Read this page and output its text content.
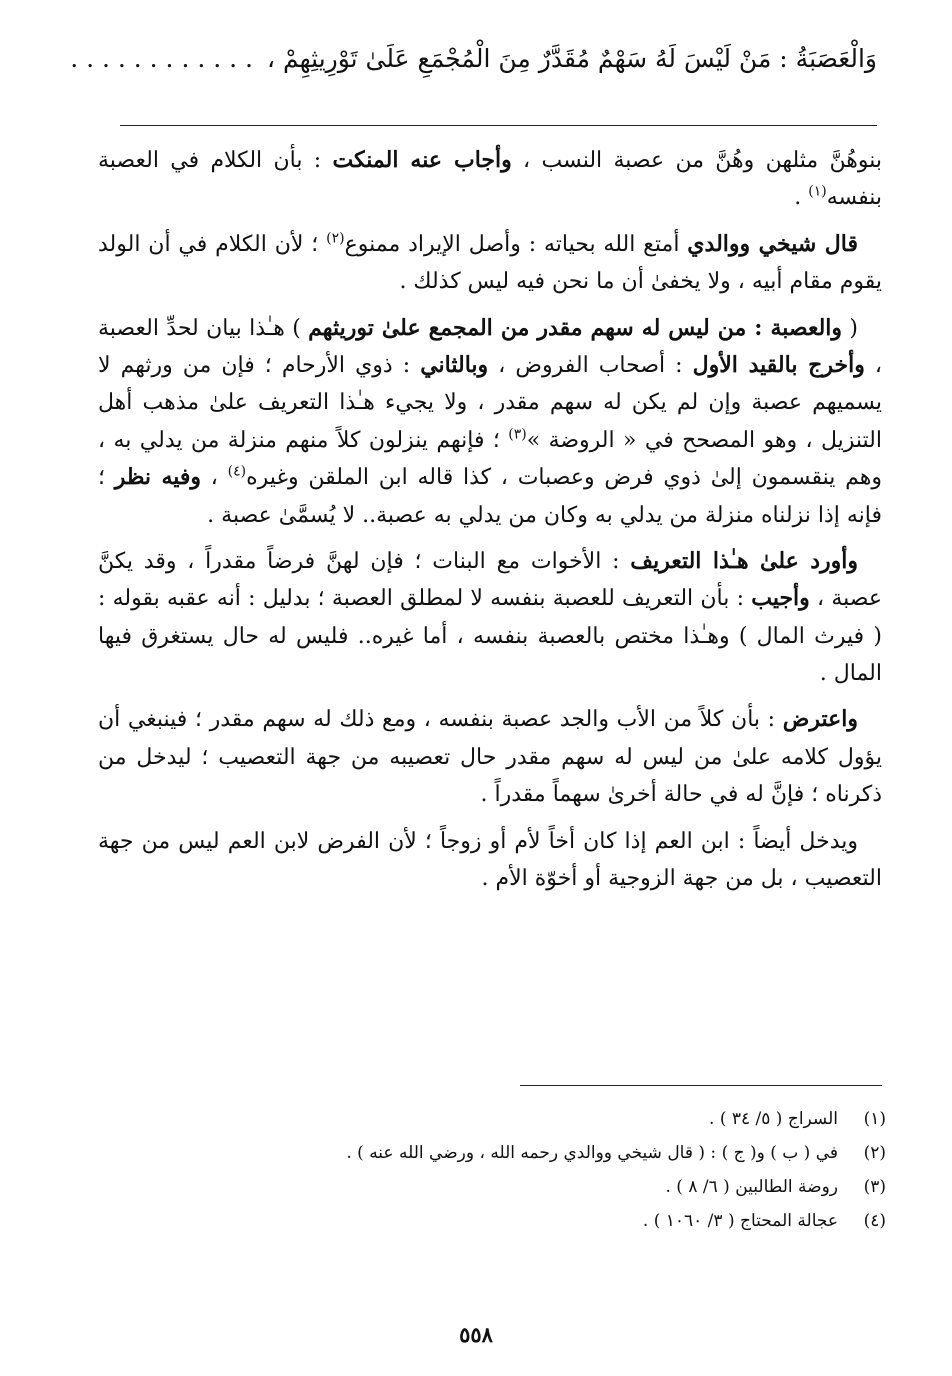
وَالْعَصَبَةُ : مَنْ لَيْسَ لَهُ سَهْمٌ مُقَدَّرٌ مِنَ الْمُجْمَعِ عَلَىٰ تَوْرِيثِهِمْ ،. . . . . . . . . . . .

بنوهُنَّ مثلهن وهُنَّ من عصبة النسب ، وأجاب عنه المنكت : بأن الكلام في العصبة بنفسه$^{(١)}$ .

قال شيخي ووالدي أمتع الله بحياته : وأصل الإيراد ممنوع$^{(٢)}$ ؛ لأن الكلام في أن الولد يقوم مقام أبيه ، ولا يخفىٰ أن ما نحن فيه ليس كذلك .

( والعصبة : من ليس له سهم مقدر من المجمع علىٰ توريثهم ) هـٰذا بيان لحدِّ العصبة ، وأخرج بالقيد الأول : أصحاب الفروض ، وبالثاني : ذوي الأرحام ؛ فإن من ورثهم لا يسميهم عصبة وإن لم يكن له سهم مقدر ، ولا يجيء هـٰذا التعريف علىٰ مذهب أهل التنزيل ، وهو المصحح في « الروضة »$^{(٣)}$ ؛ فإنهم ينزلون كلاً منهم منزلة من يدلي به ، وهم ينقسمون إلىٰ ذوي فرض وعصبات ، كذا قاله ابن الملقن وغيره$^{(٤)}$ ، وفيه نظر ؛ فإنه إذا نزلناه منزلة من يدلي به وكان من يدلي به عصبة.. لا يُسمَّىٰ عصبة .

وأورد علىٰ هـٰذا التعريف : الأخوات مع البنات ؛ فإن لهنَّ فرضاً مقدراً ، وقد يكنَّ عصبة ، وأجيب : بأن التعريف للعصبة بنفسه لا لمطلق العصبة ؛ بدليل : أنه عقبه بقوله : ( فيرث المال ) وهـٰذا مختص بالعصبة بنفسه ، أما غيره.. فليس له حال يستغرق فيها المال .

واعترض : بأن كلاً من الأب والجد عصبة بنفسه ، ومع ذلك له سهم مقدر ؛ فينبغي أن يؤول كلامه علىٰ من ليس له سهم مقدر حال تعصيبه من جهة التعصيب ؛ ليدخل من ذكرناه ؛ فإنَّ له في حالة أخرىٰ سهماً مقدراً .

ويدخل أيضاً : ابن العم إذا كان أخاً لأم أو زوجاً ؛ لأن الفرض لابن العم ليس من جهة التعصيب ، بل من جهة الزوجية أو أخوّة الأم .

(١)
السراج ( ٥/ ٣٤ ) .
(٢)
في ( ب ) و( ج ) : ( قال شيخي ووالدي رحمه الله ، ورضي الله عنه ) .
(٣)
روضة الطالبين ( ٦/ ٨ ) .
(٤)
عجالة المحتاج ( ٣/ ١٠٦٠ ) .
٥٥٨
